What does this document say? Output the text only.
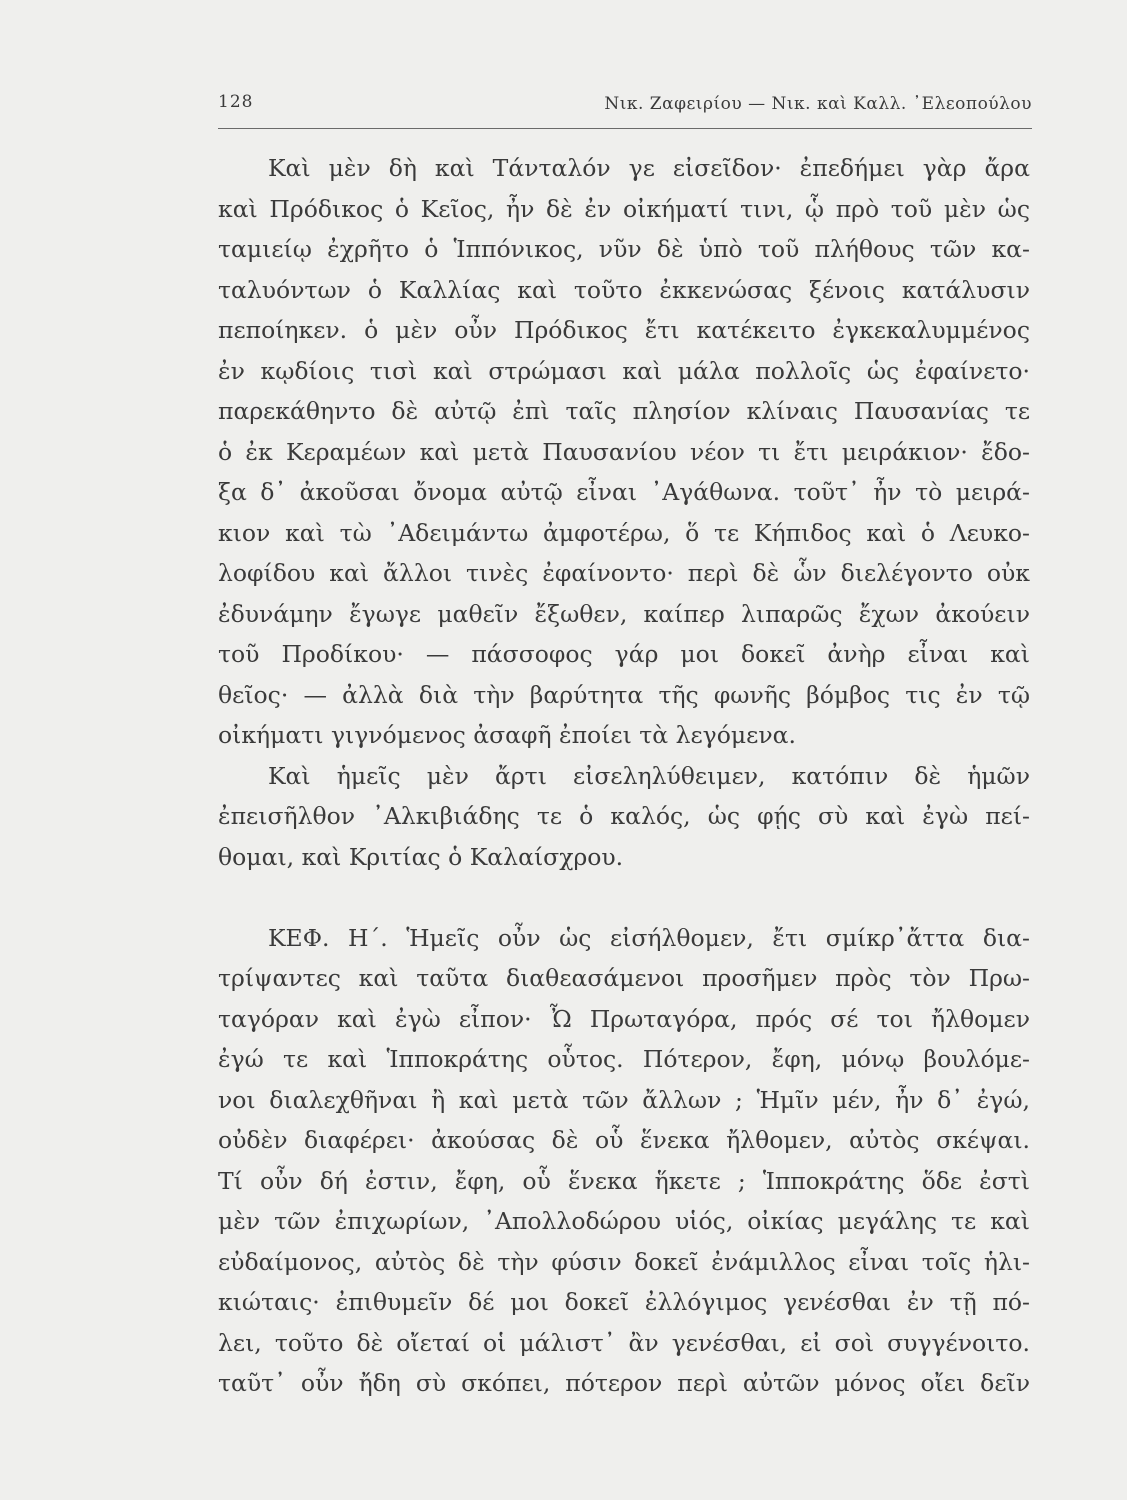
128	Νικ. Ζαφειρίου — Νικ. καὶ Καλλ. ᾿Ελεοπούλου
Καὶ μὲν δὴ καὶ Τάνταλόν γε εἰσεῖδον· ἐπεδήμει γὰρ ἄρα
καὶ Πρόδικος ὁ Κεῖος, ἦν δὲ ἐν οἰκήματί τινι, ᾧ πρὸ τοῦ μὲν ὡς
ταμιείῳ ἐχρῆτο ὁ Ἱππόνικος, νῦν δὲ ὑπὸ τοῦ πλήθους τῶν κα-
ταλυόντων ὁ Καλλίας καὶ τοῦτο ἐκκενώσας ξένοις κατάλυσιν
πεποίηκεν. ὁ μὲν οὖν Πρόδικος ἔτι κατέκειτο ἐγκεκαλυμμένος
ἐν κῳδίοις τισὶ καὶ στρώμασι καὶ μάλα πολλοῖς ὡς ἐφαίνετο·
παρεκάθηντο δὲ αὐτῷ ἐπὶ ταῖς πλησίον κλίναις Παυσανίας τε
ὁ ἐκ Κεραμέων καὶ μετὰ Παυσανίου νέον τι ἔτι μειράκιον· ἔδο-
ξα δ᾿ ἀκοῦσαι ὄνομα αὐτῷ εἶναι ᾿Αγάθωνα. τοῦτ᾿ ἦν τὸ μειρά-
κιον καὶ τὼ ᾿Αδειμάντω ἀμφοτέρω, ὅ τε Κήπιδος καὶ ὁ Λευκο-
λοφίδου καὶ ἄλλοι τινὲς ἐφαίνοντο· περὶ δὲ ὧν διελέγοντο οὐκ
ἐδυνάμην ἔγωγε μαθεῖν ἔξωθεν, καίπερ λιπαρῶς ἔχων ἀκούειν
τοῦ Προδίκου· — πάσσοφος γάρ μοι δοκεῖ ἀνὴρ εἶναι καὶ
θεῖος· — ἀλλὰ διὰ τὴν βαρύτητα τῆς φωνῆς βόμβος τις ἐν τῷ
οἰκήματι γιγνόμενος ἀσαφῆ ἐποίει τὰ λεγόμενα.
Καὶ ἡμεῖς μὲν ἄρτι εἰσεληλύθειμεν, κατόπιν δὲ ἡμῶν
ἐπεισῆλθον ᾿Αλκιβιάδης τε ὁ καλός, ὡς φῄς σὺ καὶ ἐγὼ πεί-
θομαι, καὶ Κριτίας ὁ Καλαίσχρου.
ΚΕΦ. Η΄. Ἡμεῖς οὖν ὡς εἰσήλθομεν, ἔτι σμίκρ᾿ἄττα δια-
τρίψαντες καὶ ταῦτα διαθεασάμενοι προσῆμεν πρὸς τὸν Πρω-
ταγόραν καὶ ἐγὼ εἶπον· Ὦ Πρωταγόρα, πρός σέ τοι ἤλθομεν
ἐγώ τε καὶ Ἱπποκράτης οὗτος. Πότερον, ἔφη, μόνῳ βουλόμε-
νοι διαλεχθῆναι ἢ καὶ μετὰ τῶν ἄλλων ; Ἡμῖν μέν, ἦν δ᾿ ἐγώ,
οὐδὲν διαφέρει· ἀκούσας δὲ οὗ ἕνεκα ἤλθομεν, αὐτὸς σκέψαι.
Τί οὖν δή ἐστιν, ἔφη, οὗ ἕνεκα ἥκετε ; Ἱπποκράτης ὅδε ἐστὶ
μὲν τῶν ἐπιχωρίων, ᾿Απολλοδώρου υἱός, οἰκίας μεγάλης τε καὶ
εὐδαίμονος, αὐτὸς δὲ τὴν φύσιν δοκεῖ ἐνάμιλλος εἶναι τοῖς ἡλι-
κιώταις· ἐπιθυμεῖν δέ μοι δοκεῖ ἐλλόγιμος γενέσθαι ἐν τῇ πό-
λει, τοῦτο δὲ οἴεταί οἱ μάλιστ᾿ ἂν γενέσθαι, εἰ σοὶ συγγένοιτο.
ταῦτ᾿ οὖν ἤδη σὺ σκόπει, πότερον περὶ αὐτῶν μόνος οἴει δεῖν
